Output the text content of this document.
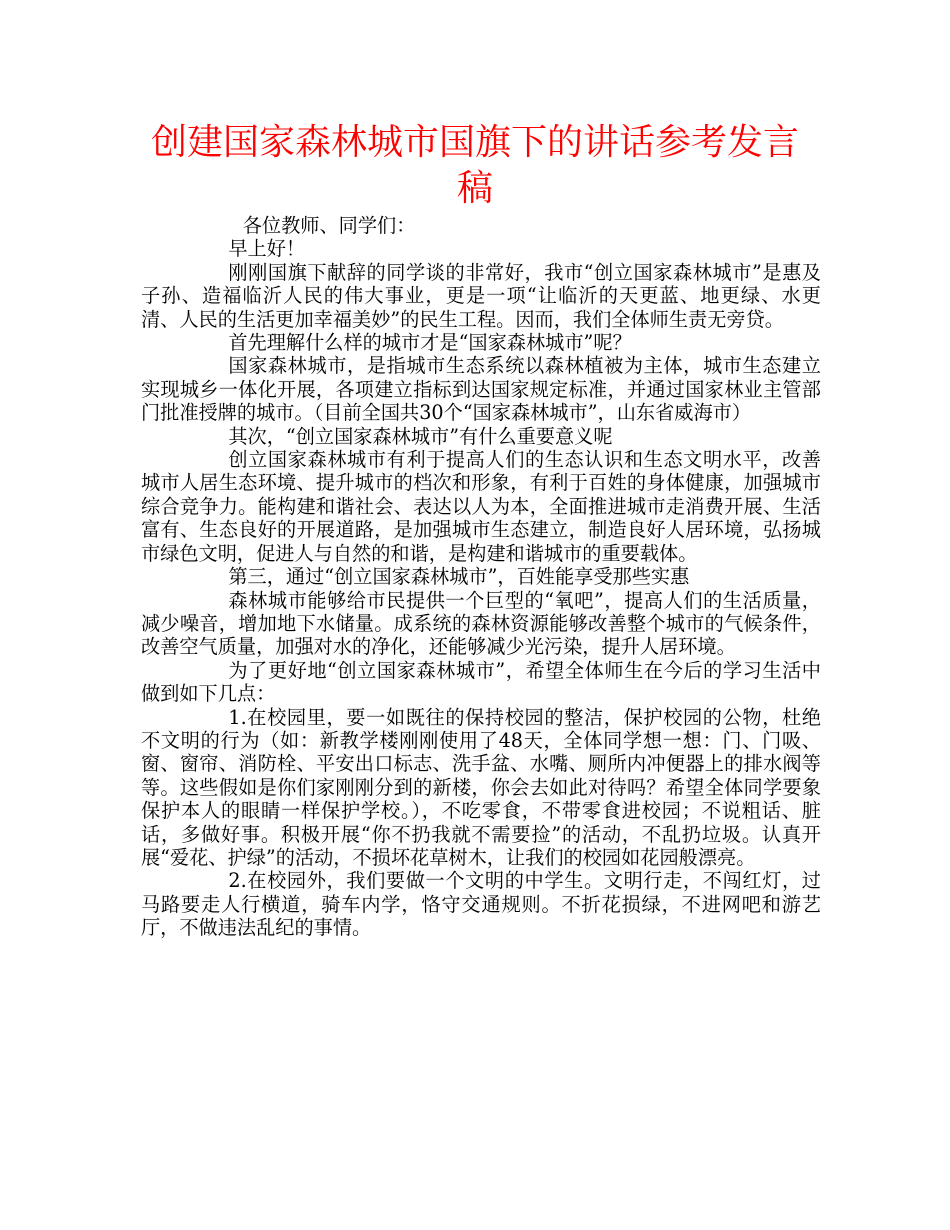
创建国家森林城市国旗下的讲话参考发言
稿

各位教师、同学们：

早上好！

刚刚国旗下献辞的同学谈的非常好，我市“创立国家森林城市”是惠及子孙、造福临沂人民的伟大事业，更是一项“让临沂的天更蓝、地更绿、水更清、人民的生活更加幸福美妙”的民生工程。因而，我们全体师生责无旁贷。

首先理解什么样的城市才是“国家森林城市”呢？

国家森林城市，是指城市生态系统以森林植被为主体，城市生态建立实现城乡一体化开展，各项建立指标到达国家规定标准，并通过国家林业主管部门批准授牌的城市。（目前全国共30个“国家森林城市”，山东省威海市）

其次，“创立国家森林城市”有什么重要意义呢

创立国家森林城市有利于提高人们的生态认识和生态文明水平，改善城市人居生态环境、提升城市的档次和形象，有利于百姓的身体健康，加强城市综合竞争力。能构建和谐社会、表达以人为本，全面推进城市走消费开展、生活富有、生态良好的开展道路，是加强城市生态建立，制造良好人居环境，弘扬城市绿色文明，促进人与自然的和谐，是构建和谐城市的重要载体。

第三，通过“创立国家森林城市”，百姓能享受那些实惠

森林城市能够给市民提供一个巨型的“氧吧”，提高人们的生活质量，减少噪音，增加地下水储量。成系统的森林资源能够改善整个城市的气候条件，改善空气质量，加强对水的净化，还能够减少光污染，提升人居环境。

为了更好地“创立国家森林城市”，希望全体师生在今后的学习生活中做到如下几点：

1.在校园里，要一如既往的保持校园的整洁，保护校园的公物，杜绝不文明的行为（如：新教学楼刚刚使用了48天，全体同学想一想：门、门吸、窗、窗帘、消防栓、平安出口标志、洗手盆、水嘴、厕所内冲便器上的排水阀等等。这些假如是你们家刚刚分到的新楼，你会去如此对待吗？希望全体同学要象保护本人的眼睛一样保护学校。），不吃零食，不带零食进校园；不说粗话、脏话，多做好事。积极开展“你不扔我就不需要捡”的活动，不乱扔垃圾。认真开展“爱花、护绿”的活动，不损坏花草树木，让我们的校园如花园般漂亮。

2.在校园外，我们要做一个文明的中学生。文明行走，不闯红灯，过马路要走人行横道，骑车内学，恪守交通规则。不折花损绿，不进网吧和游艺厅，不做违法乱纪的事情。
